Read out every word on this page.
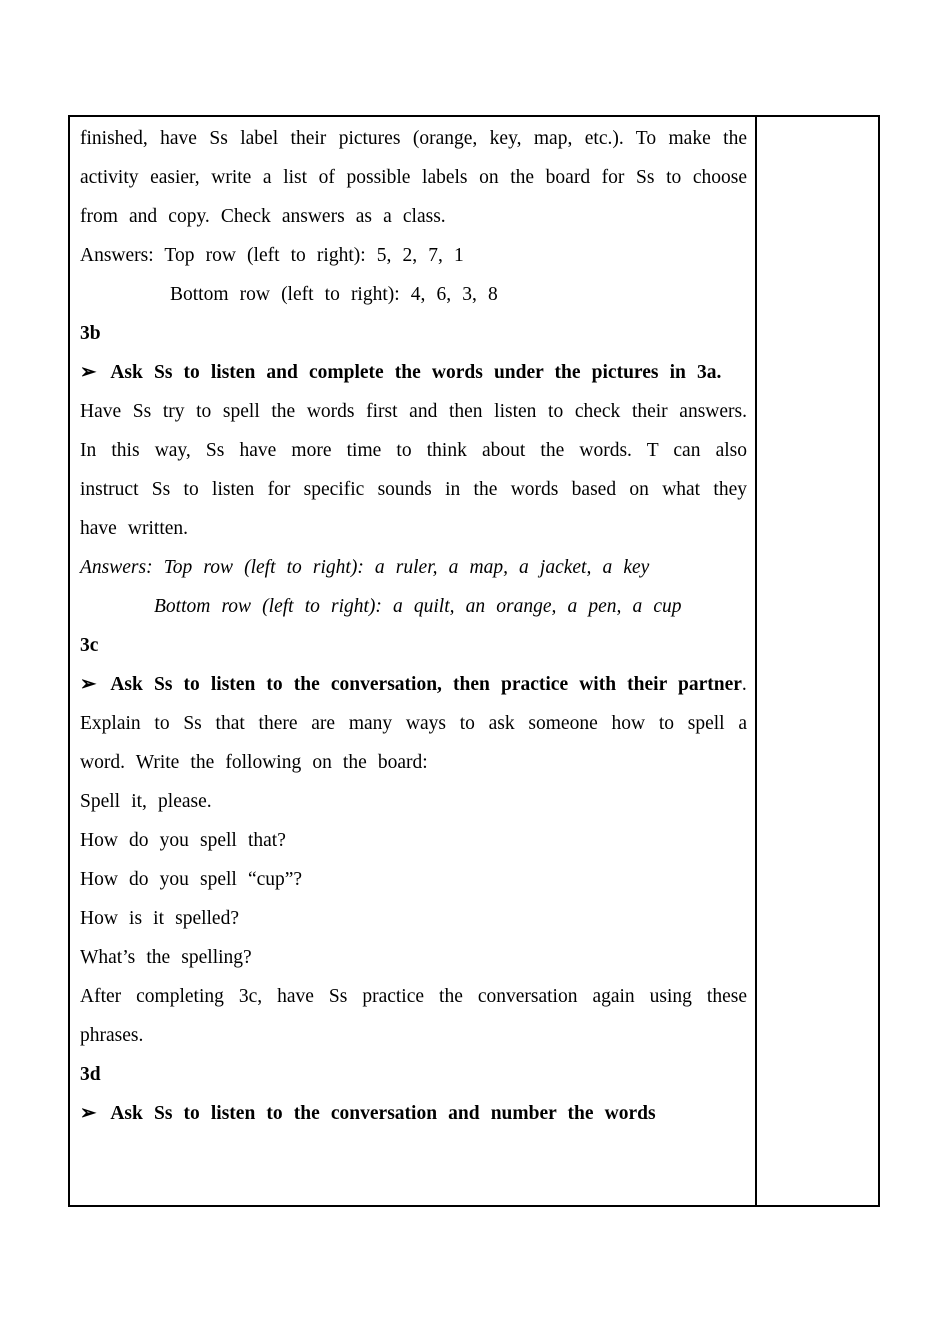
finished, have Ss label their pictures (orange, key, map, etc.). To make the activity easier, write a list of possible labels on the board for Ss to choose from and copy. Check answers as a class.

Answers: Top row (left to right): 5, 2, 7, 1

Bottom row (left to right): 4, 6, 3, 8

3b

➢ Ask Ss to listen and complete the words under the pictures in 3a.

Have Ss try to spell the words first and then listen to check their answers. In this way, Ss have more time to think about the words. T can also instruct Ss to listen for specific sounds in the words based on what they have written.

Answers: Top row (left to right): a ruler, a map, a jacket, a key

Bottom row (left to right): a quilt, an orange, a pen, a cup

3c

➢ Ask Ss to listen to the conversation, then practice with their partner.

Explain to Ss that there are many ways to ask someone how to spell a word. Write the following on the board:

Spell it, please.

How do you spell that?

How do you spell “cup”?

How is it spelled?

What’s the spelling?

After completing 3c, have Ss practice the conversation again using these phrases.

3d

➢ Ask Ss to listen to the conversation and number the words
